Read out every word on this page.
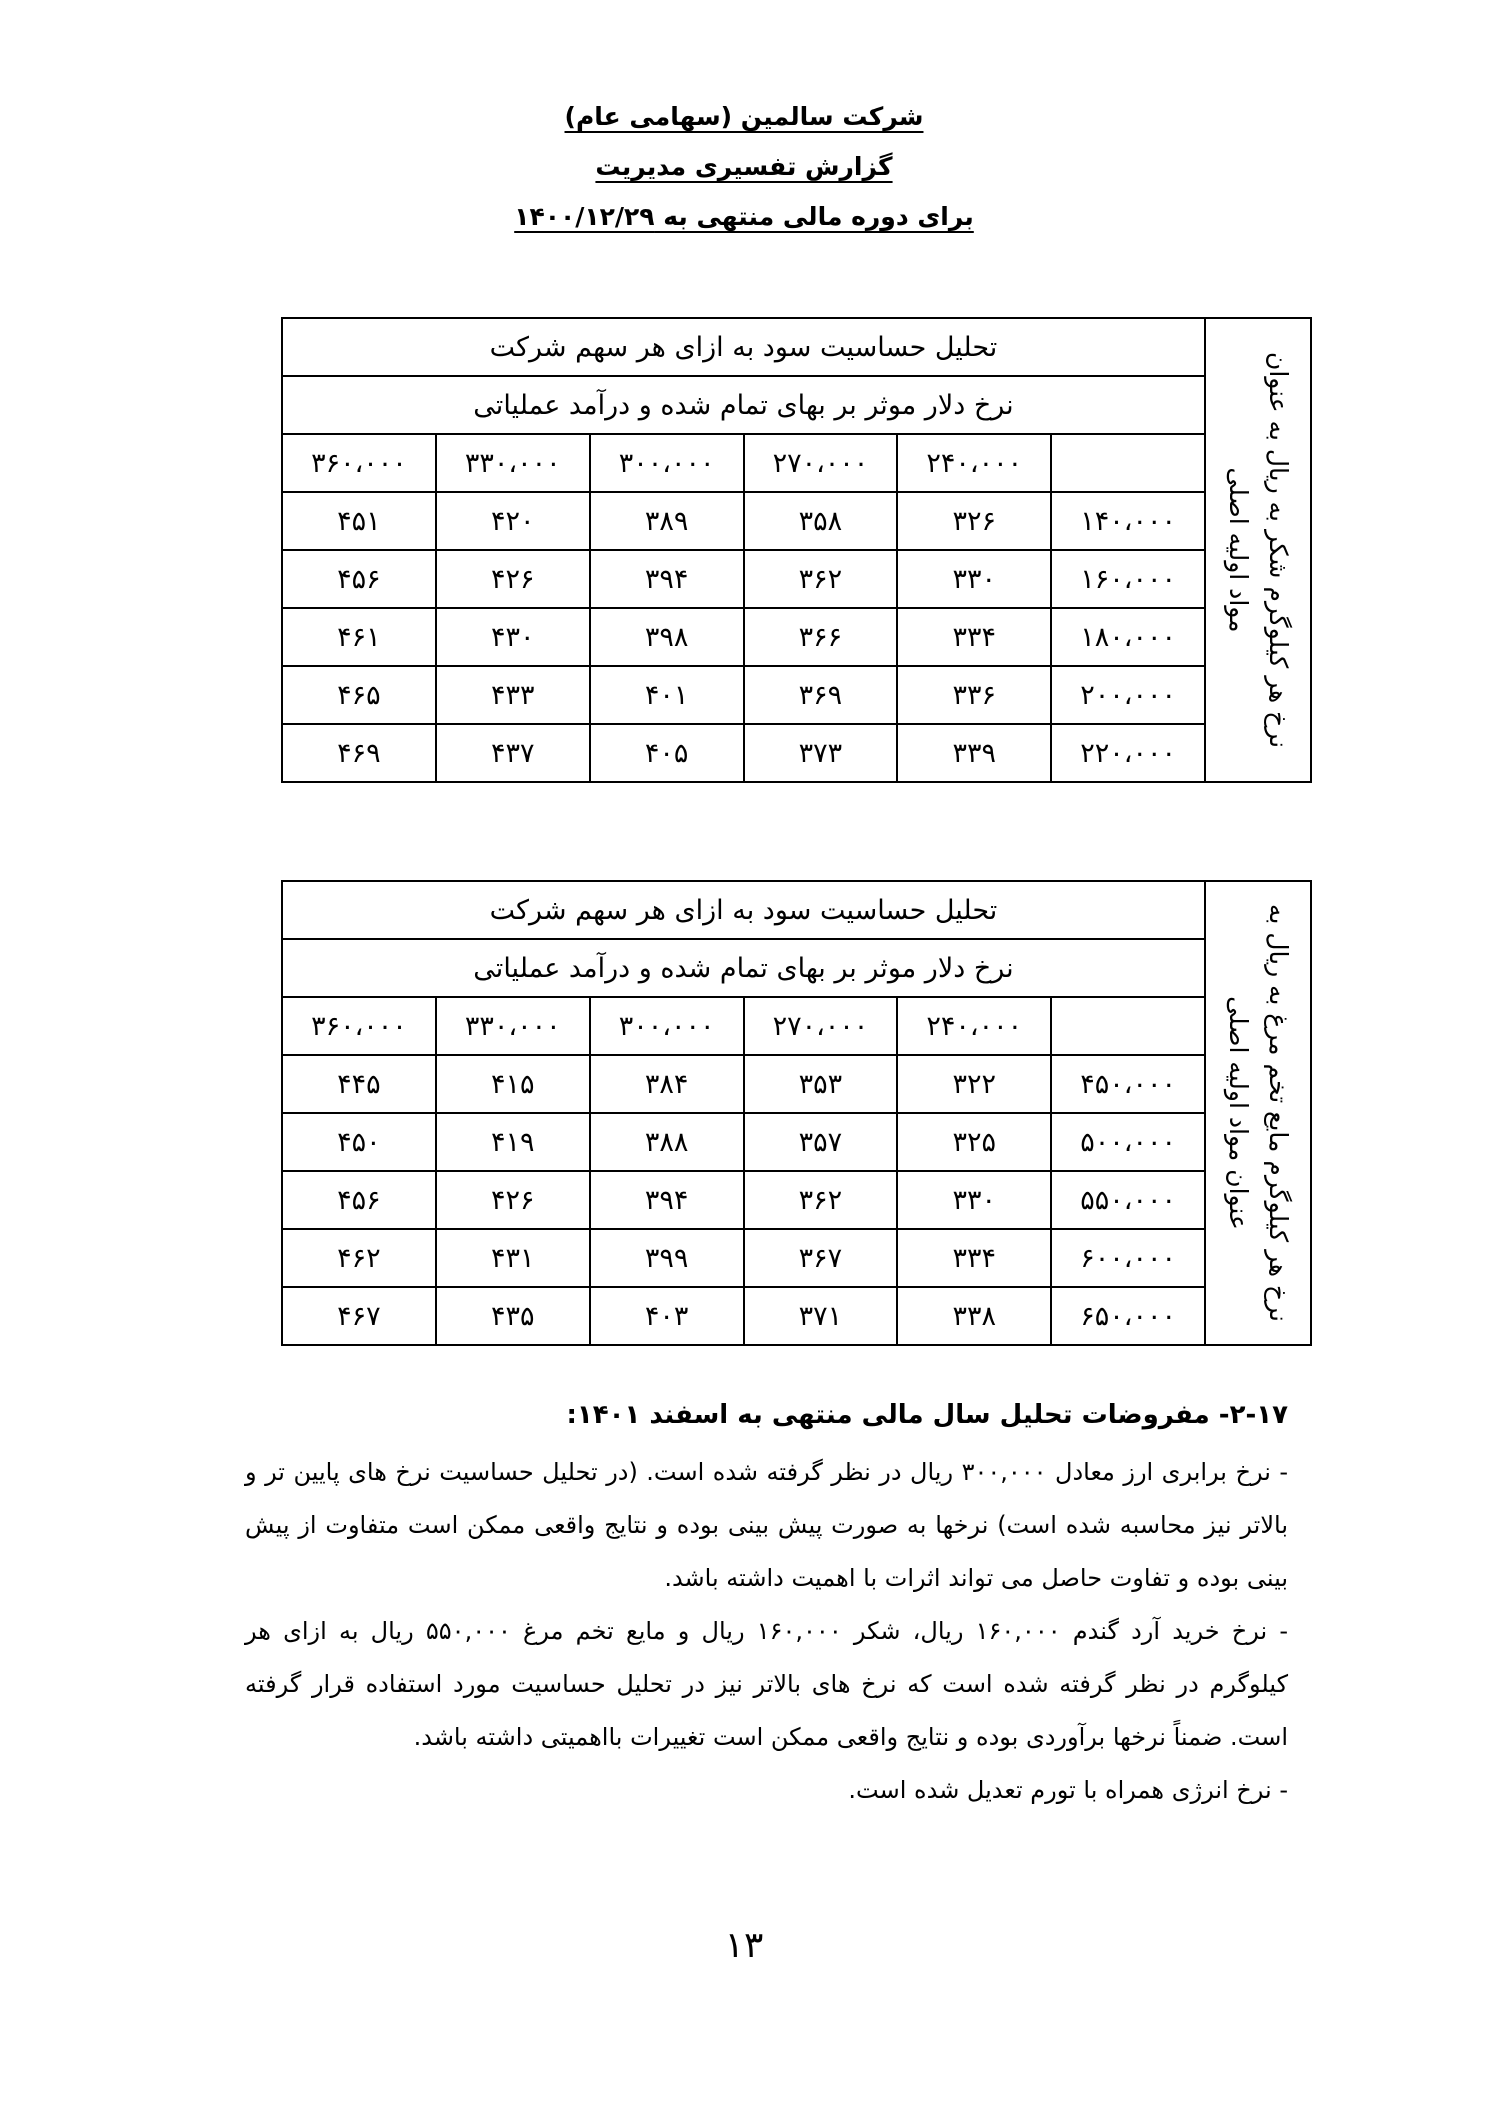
شرکت سالمین (سهامی عام)
گزارش تفسیری مدیریت
برای دوره مالی منتهی به ۱۴۰۰/۱۲/۲۹
نرخ هر کیلوگرم شکر به ریال به عنوان مواد اولیه اصلی	تحلیل حساسیت سود به ازای هر سهم شرکت					
	نرخ دلار موثر بر بهای تمام شده و درآمد عملیاتی					
		۲۴۰،۰۰۰	۲۷۰،۰۰۰	۳۰۰،۰۰۰	۳۳۰،۰۰۰	۳۶۰،۰۰۰
	۱۴۰،۰۰۰	۳۲۶	۳۵۸	۳۸۹	۴۲۰	۴۵۱
	۱۶۰،۰۰۰	۳۳۰	۳۶۲	۳۹۴	۴۲۶	۴۵۶
	۱۸۰،۰۰۰	۳۳۴	۳۶۶	۳۹۸	۴۳۰	۴۶۱
	۲۰۰،۰۰۰	۳۳۶	۳۶۹	۴۰۱	۴۳۳	۴۶۵
	۲۲۰،۰۰۰	۳۳۹	۳۷۳	۴۰۵	۴۳۷	۴۶۹
نرخ هر کیلوگرم مایع تخم مرغ به ریال به عنوان مواد اولیه اصلی	تحلیل حساسیت سود به ازای هر سهم شرکت					
	نرخ دلار موثر بر بهای تمام شده و درآمد عملیاتی					
		۲۴۰،۰۰۰	۲۷۰،۰۰۰	۳۰۰،۰۰۰	۳۳۰،۰۰۰	۳۶۰،۰۰۰
	۴۵۰،۰۰۰	۳۲۲	۳۵۳	۳۸۴	۴۱۵	۴۴۵
	۵۰۰،۰۰۰	۳۲۵	۳۵۷	۳۸۸	۴۱۹	۴۵۰
	۵۵۰،۰۰۰	۳۳۰	۳۶۲	۳۹۴	۴۲۶	۴۵۶
	۶۰۰،۰۰۰	۳۳۴	۳۶۷	۳۹۹	۴۳۱	۴۶۲
	۶۵۰،۰۰۰	۳۳۸	۳۷۱	۴۰۳	۴۳۵	۴۶۷
۲-۱۷- مفروضات تحلیل سال مالی منتهی به اسفند ۱۴۰۱:

- نرخ برابری ارز معادل ۳۰۰,۰۰۰ ریال در نظر گرفته شده است. (در تحلیل حساسیت نرخ های پایین تر و بالاتر نیز محاسبه شده است) نرخها به صورت پیش بینی بوده و نتایج واقعی ممکن است متفاوت از پیش بینی بوده و تفاوت حاصل می تواند اثرات با اهمیت داشته باشد.

- نرخ خرید آرد گندم ۱۶۰,۰۰۰ ریال، شکر ۱۶۰,۰۰۰ ریال و مایع تخم مرغ ۵۵۰,۰۰۰ ریال به ازای هر کیلوگرم در نظر گرفته شده است که نرخ های بالاتر نیز در تحلیل حساسیت مورد استفاده قرار گرفته است. ضمناً نرخها برآوردی بوده و نتایج واقعی ممکن است تغییرات بااهمیتی داشته باشد.

- نرخ انرژی همراه با تورم تعدیل شده است.

۱۳
